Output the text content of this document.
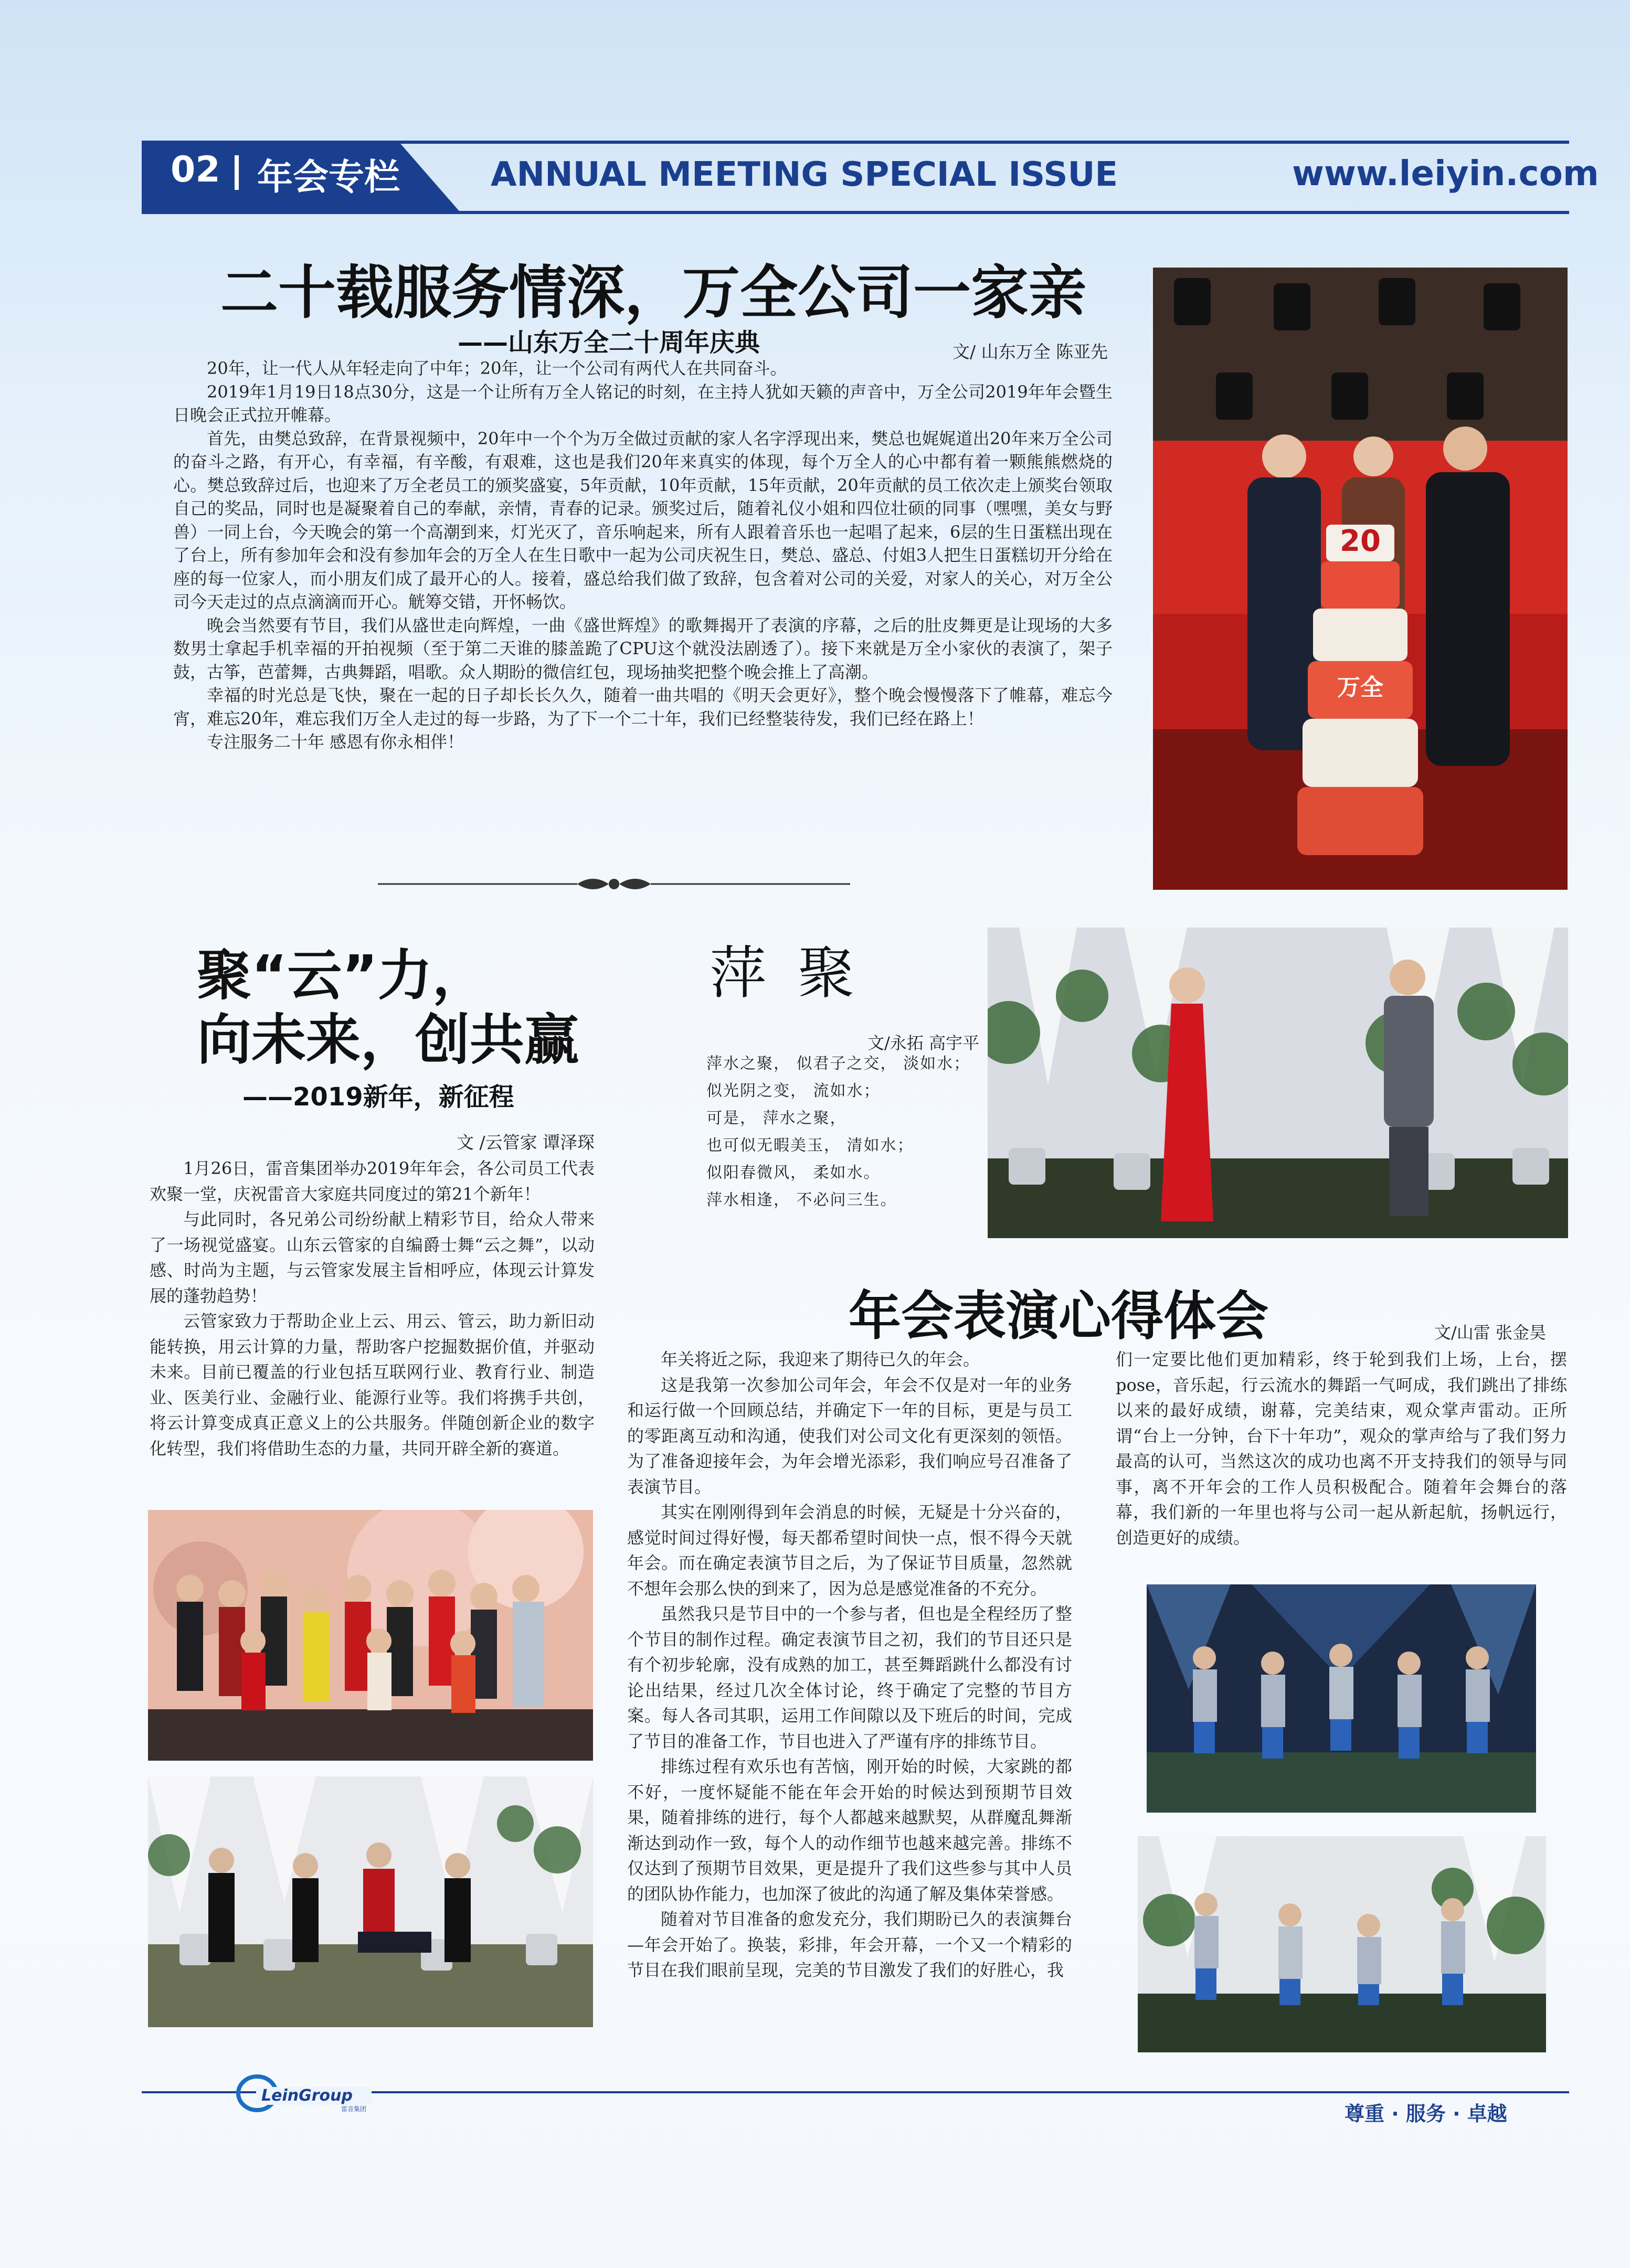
02 年会专栏	ANNUAL MEETING SPECIAL ISSUE	www.leiyin.com
二十载服务情深，万全公司一家亲
——山东万全二十周年庆典	文/ 山东万全 陈亚先

20年，让一代人从年轻走向了中年；20年，让一个公司有两代人在共同奋斗。

2019年1月19日18点30分，这是一个让所有万全人铭记的时刻，在主持人犹如天籁的声音中，万全公司2019年年会暨生日晚会正式拉开帷幕。

首先，由樊总致辞，在背景视频中，20年中一个个为万全做过贡献的家人名字浮现出来，樊总也娓娓道出20年来万全公司的奋斗之路，有开心，有幸福，有辛酸，有艰难，这也是我们20年来真实的体现，每个万全人的心中都有着一颗熊熊燃烧的心。樊总致辞过后，也迎来了万全老员工的颁奖盛宴，5年贡献，10年贡献，15年贡献，20年贡献的员工依次走上颁奖台领取自己的奖品，同时也是凝聚着自己的奉献，亲情，青春的记录。颁奖过后，随着礼仪小姐和四位壮硕的同事（嘿嘿，美女与野兽）一同上台，今天晚会的第一个高潮到来，灯光灭了，音乐响起来，所有人跟着音乐也一起唱了起来，6层的生日蛋糕出现在了台上，所有参加年会和没有参加年会的万全人在生日歌中一起为公司庆祝生日，樊总、盛总、付姐3人把生日蛋糕切开分给在座的每一位家人，而小朋友们成了最开心的人。接着，盛总给我们做了致辞，包含着对公司的关爱，对家人的关心，对万全公司今天走过的点点滴滴而开心。觥筹交错，开怀畅饮。

晚会当然要有节目，我们从盛世走向辉煌，一曲《盛世辉煌》的歌舞揭开了表演的序幕，之后的肚皮舞更是让现场的大多数男士拿起手机幸福的开拍视频（至于第二天谁的膝盖跪了CPU这个就没法剧透了）。接下来就是万全小家伙的表演了，架子鼓，古筝，芭蕾舞，古典舞蹈，唱歌。众人期盼的微信红包，现场抽奖把整个晚会推上了高潮。

幸福的时光总是飞快，聚在一起的日子却长长久久，随着一曲共唱的《明天会更好》，整个晚会慢慢落下了帷幕，难忘今宵，难忘20年，难忘我们万全人走过的每一步路，为了下一个二十年，我们已经整装待发，我们已经在路上！

专注服务二十年 感恩有你永相伴！

20
万全
聚“云”力，
向未来，创共赢
——2019新年，新征程
文 /云管家 谭泽琛

1月26日，雷音集团举办2019年年会，各公司员工代表欢聚一堂，庆祝雷音大家庭共同度过的第21个新年！

与此同时，各兄弟公司纷纷献上精彩节目，给众人带来了一场视觉盛宴。山东云管家的自编爵士舞“云之舞”，以动感、时尚为主题，与云管家发展主旨相呼应，体现云计算发展的蓬勃趋势！

云管家致力于帮助企业上云、用云、管云，助力新旧动能转换，用云计算的力量，帮助客户挖掘数据价值，并驱动未来。目前已覆盖的行业包括互联网行业、教育行业、制造业、医美行业、金融行业、能源行业等。我们将携手共创，将云计算变成真正意义上的公共服务。伴随创新企业的数字化转型，我们将借助生态的力量，共同开辟全新的赛道。

萍聚
文/永拓 高宇平
萍水之聚， 似君子之交， 淡如水；
似光阴之变， 流如水；
可是， 萍水之聚，
也可似无暇美玉， 清如水；
似阳春微风， 柔如水。
萍水相逢， 不必问三生。
年会表演心得体会	文/山雷 张金昊

年关将近之际，我迎来了期待已久的年会。

这是我第一次参加公司年会，年会不仅是对一年的业务和运行做一个回顾总结，并确定下一年的目标，更是与员工的零距离互动和沟通，使我们对公司文化有更深刻的领悟。为了准备迎接年会，为年会增光添彩，我们响应号召准备了表演节目。

其实在刚刚得到年会消息的时候，无疑是十分兴奋的，感觉时间过得好慢，每天都希望时间快一点，恨不得今天就年会。而在确定表演节目之后，为了保证节目质量，忽然就不想年会那么快的到来了，因为总是感觉准备的不充分。

虽然我只是节目中的一个参与者，但也是全程经历了整个节目的制作过程。确定表演节目之初，我们的节目还只是有个初步轮廓，没有成熟的加工，甚至舞蹈跳什么都没有讨论出结果，经过几次全体讨论，终于确定了完整的节目方案。每人各司其职，运用工作间隙以及下班后的时间，完成了节目的准备工作，节目也进入了严谨有序的排练节目。

排练过程有欢乐也有苦恼，刚开始的时候，大家跳的都不好，一度怀疑能不能在年会开始的时候达到预期节目效果，随着排练的进行，每个人都越来越默契，从群魔乱舞渐渐达到动作一致，每个人的动作细节也越来越完善。排练不仅达到了预期节目效果，更是提升了我们这些参与其中人员的团队协作能力，也加深了彼此的沟通了解及集体荣誉感。

随着对节目准备的愈发充分，我们期盼已久的表演舞台—年会开始了。换装，彩排，年会开幕，一个又一个精彩的节目在我们眼前呈现，完美的节目激发了我们的好胜心，我

们一定要比他们更加精彩，终于轮到我们上场，上台，摆pose，音乐起，行云流水的舞蹈一气呵成，我们跳出了排练以来的最好成绩，谢幕，完美结束，观众掌声雷动。正所谓“台上一分钟，台下十年功”，观众的掌声给与了我们努力最高的认可，当然这次的成功也离不开支持我们的领导与同事，离不开年会的工作人员积极配合。随着年会舞台的落幕，我们新的一年里也将与公司一起从新起航，扬帆远行，创造更好的成绩。

LeinGroup
雷音集团	尊重 · 服务 · 卓越
